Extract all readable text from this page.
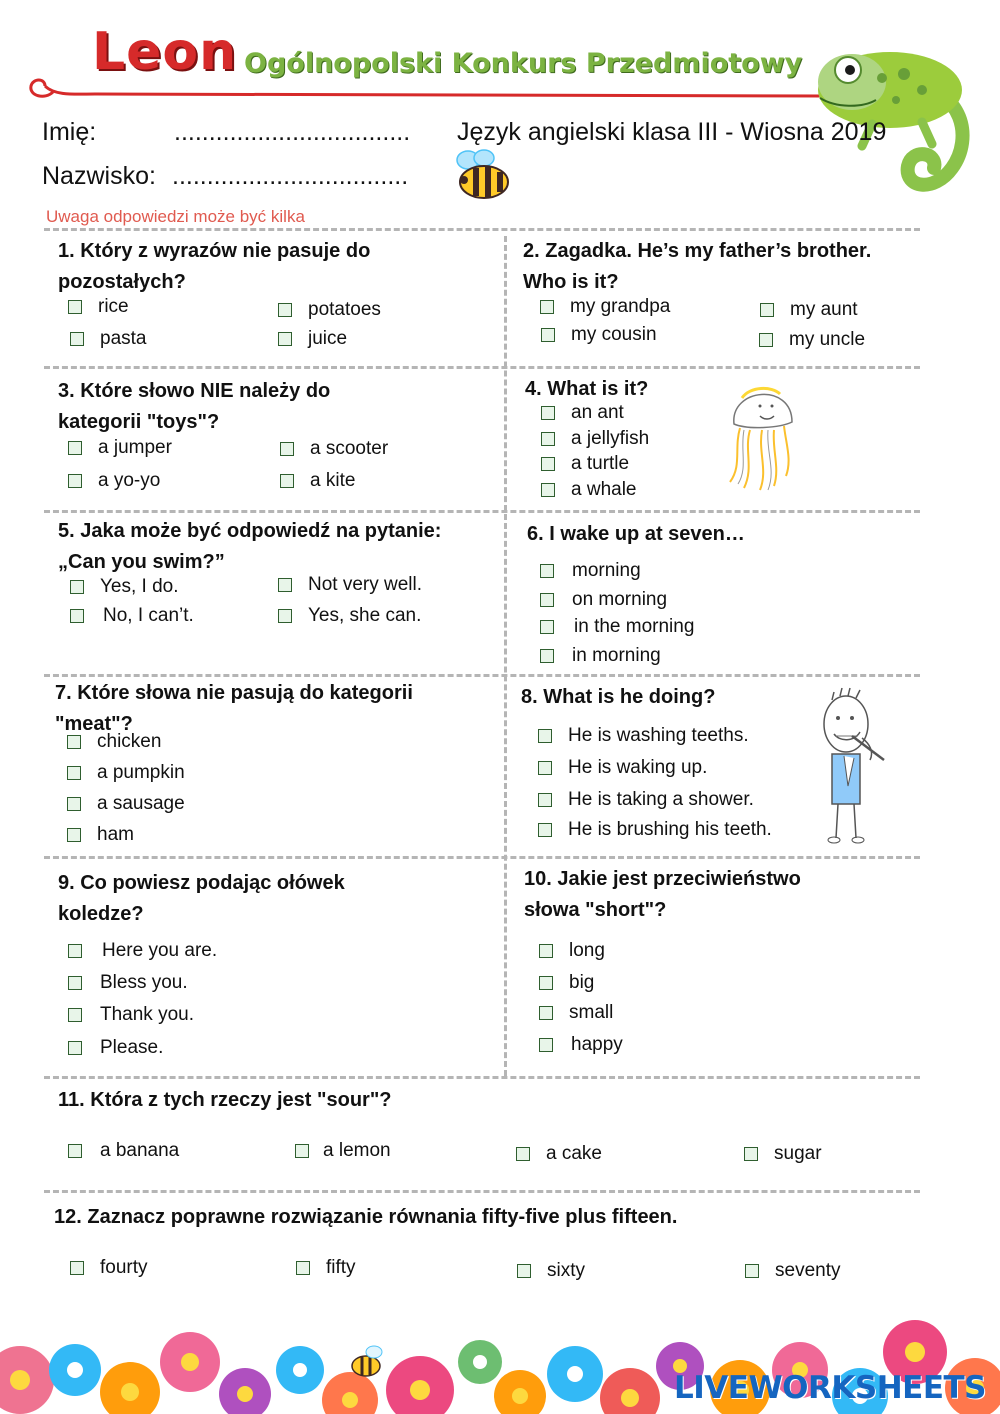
Leon Ogólnopolski Konkurs Przedmiotowy
Imię:	.................................. Język angielski klasa III - Wiosna 2019
Nazwisko: ..................................
Uwaga odpowiedzi może być kilka
1. Który z wyrazów nie pasuje do
pozostałych?
rice	potatoes
pasta	juice
2. Zagadka. He’s my father’s brother.
Who is it?
my grandpa	my aunt
my cousin	my uncle
3. Które słowo NIE należy do
kategorii "toys"?
a jumper	a scooter
a yo-yo	a kite
4. What is it?
an ant
a jellyfish
a turtle
a whale
5. Jaka może być odpowiedź na pytanie:
„Can you swim?”
Yes, I do.	Not very well.
No, I can’t.	Yes, she can.
6. I wake up at seven…
morning
on morning
in the morning
in morning
7. Które słowa nie pasują do kategorii
"meat"?
chicken
a pumpkin
a sausage
ham
8. What is he doing?
He is washing teeths.
He is waking up.
He is taking a shower.
He is brushing his teeth.
9. Co powiesz podając ołówek
koledze?
Here you are.
Bless you.
Thank you.
Please.
10. Jakie jest przeciwieństwo
słowa "short"?
long
big
small
happy
11. Która z tych rzeczy jest "sour"?
a banana	a lemon	a cake	sugar
12. Zaznacz poprawne rozwiązanie równania fifty-five plus fifteen.
fourty	fifty	sixty	seventy
LIVEWORKSHEETS
